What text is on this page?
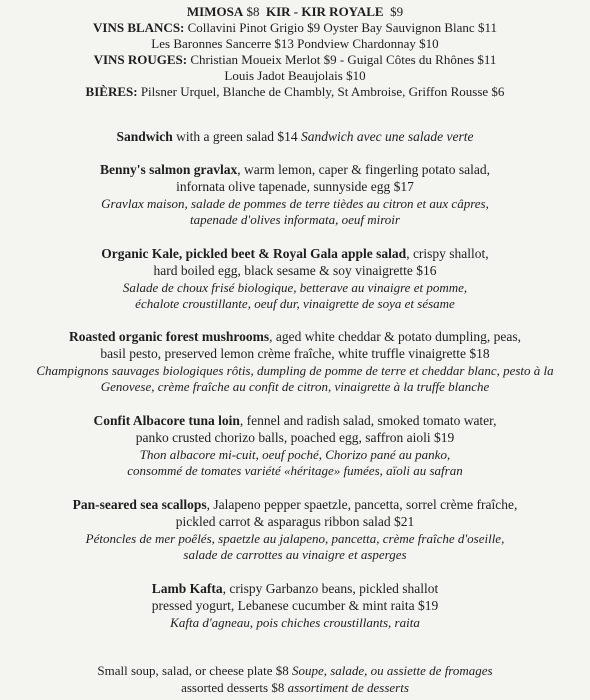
MIMOSA $8 KIR - KIR ROYALE $9
VINS BLANCS: Collavini Pinot Grigio $9 Oyster Bay Sauvignon Blanc $11
Les Baronnes Sancerre $13 Pondview Chardonnay $10
VINS ROUGES: Christian Moueix Merlot $9 - Guigal Côtes du Rhônes $11
Louis Jadot Beaujolais $10
BIÈRES: Pilsner Urquel, Blanche de Chambly, St Ambroise, Griffon Rousse $6
Sandwich with a green salad $14 Sandwich avec une salade verte
Benny's salmon gravlax, warm lemon, caper & fingerling potato salad,
infornata olive tapenade, sunnyside egg $17
Gravlax maison, salade de pommes de terre tièdes au citron et aux câpres,
tapenade d'olives informata, oeuf miroir
Organic Kale, pickled beet & Royal Gala apple salad, crispy shallot,
hard boiled egg, black sesame & soy vinaigrette $16
Salade de choux frisé biologique, betterave au vinaigre et pomme,
échalote croustillante, oeuf dur, vinaigrette de soya et sésame
Roasted organic forest mushrooms, aged white cheddar & potato dumpling, peas,
basil pesto, preserved lemon crème fraîche, white truffle vinaigrette $18
Champignons sauvages biologiques rôtis, dumpling de pomme de terre et cheddar blanc, pesto à la
Genovese, crème fraîche au confit de citron, vinaigrette à la truffe blanche
Confit Albacore tuna loin, fennel and radish salad, smoked tomato water,
panko crusted chorizo balls, poached egg, saffron aioli $19
Thon albacore mi-cuit, oeuf poché, Chorizo pané au panko,
consommé de tomates variété «héritage» fumées, aïoli au safran
Pan-seared sea scallops, Jalapeno pepper spaetzle, pancetta, sorrel crème fraîche,
pickled carrot & asparagus ribbon salad $21
Pétoncles de mer poêlés, spaetzle au jalapeno, pancetta, crème fraîche d'oseille,
salade de carrottes au vinaigre et asperges
Lamb Kafta, crispy Garbanzo beans, pickled shallot
pressed yogurt, Lebanese cucumber & mint raita $19
Kafta d'agneau, pois chiches croustillants, raita
Small soup, salad, or cheese plate $8 Soupe, salade, ou assiette de fromages
assorted desserts $8 assortiment de desserts
